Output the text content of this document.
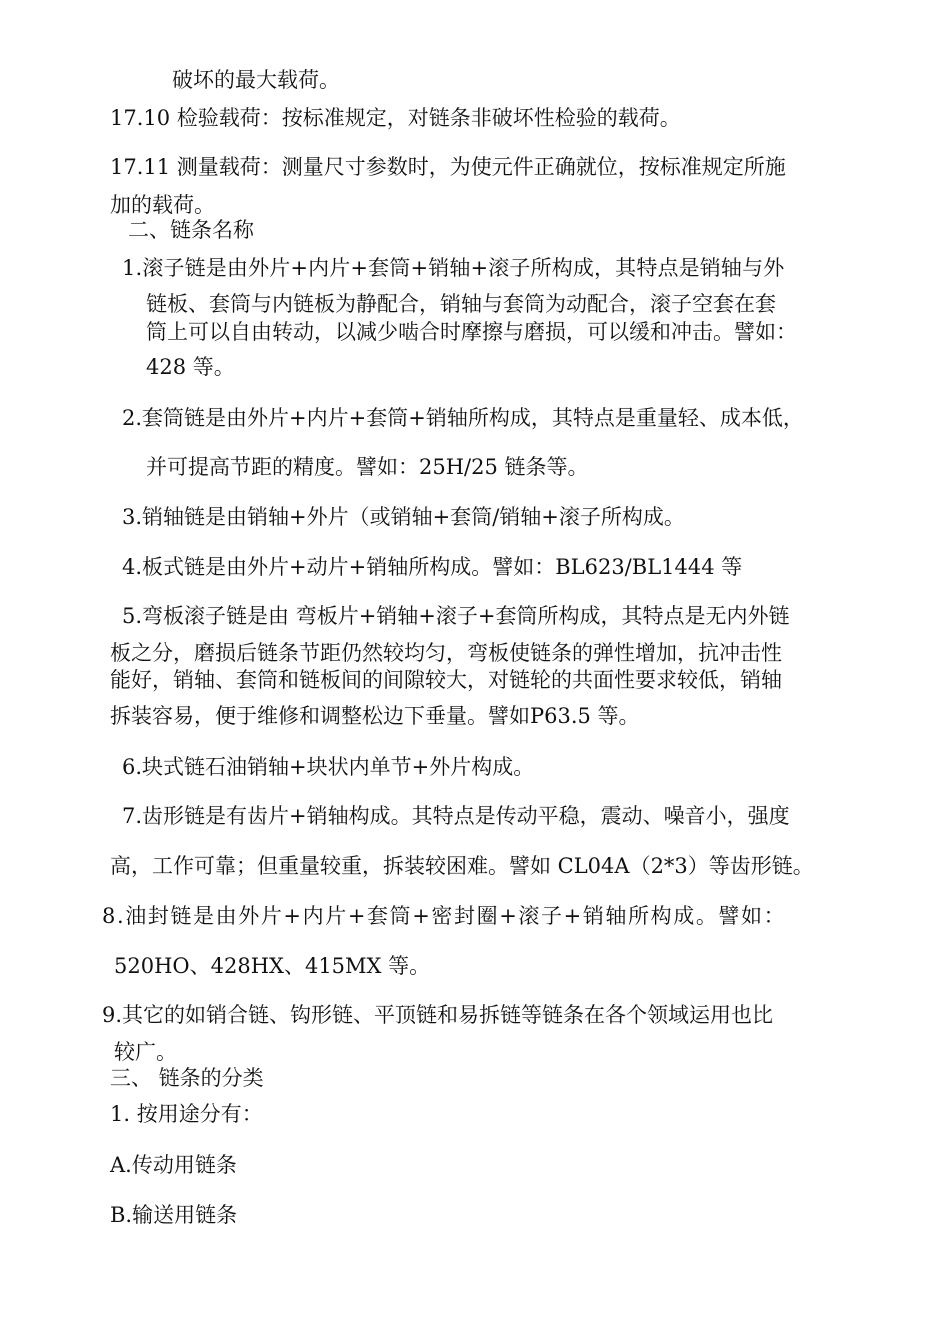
破坏的最大载荷。
17.10 检验载荷：按标准规定，对链条非破坏性检验的载荷。
17.11 测量载荷：测量尺寸参数时，为使元件正确就位，按标准规定所施
加的载荷。
二、链条名称
1.滚子链是由外片+内片+套筒+销轴+滚子所构成，其特点是销轴与外
链板、套筒与内链板为静配合，销轴与套筒为动配合，滚子空套在套
筒上可以自由转动，以减少啮合时摩擦与磨损，可以缓和冲击。譬如：
428 等。
2.套筒链是由外片+内片+套筒+销轴所构成，其特点是重量轻、成本低，
并可提高节距的精度。譬如：25H/25 链条等。
3.销轴链是由销轴+外片（或销轴+套筒/销轴+滚子所构成。
4.板式链是由外片+动片+销轴所构成。譬如：BL623/BL1444 等
5.弯板滚子链是由 弯板片+销轴+滚子+套筒所构成，其特点是无内外链
板之分，磨损后链条节距仍然较均匀，弯板使链条的弹性增加，抗冲击性
能好，销轴、套筒和链板间的间隙较大，对链轮的共面性要求较低，销轴
拆装容易，便于维修和调整松边下垂量。譬如P63.5 等。
6.块式链石油销轴+块状内单节+外片构成。
7.齿形链是有齿片+销轴构成。其特点是传动平稳，震动、噪音小，强度
高，工作可靠；但重量较重，拆装较困难。譬如 CL04A（2*3）等齿形链。
8.油封链是由外片+内片+套筒+密封圈+滚子+销轴所构成。譬如：
520HO、428HX、415MX 等。
9.其它的如销合链、钩形链、平顶链和易拆链等链条在各个领域运用也比
较广。
三、 链条的分类
1. 按用途分有：
A.传动用链条
B.输送用链条
